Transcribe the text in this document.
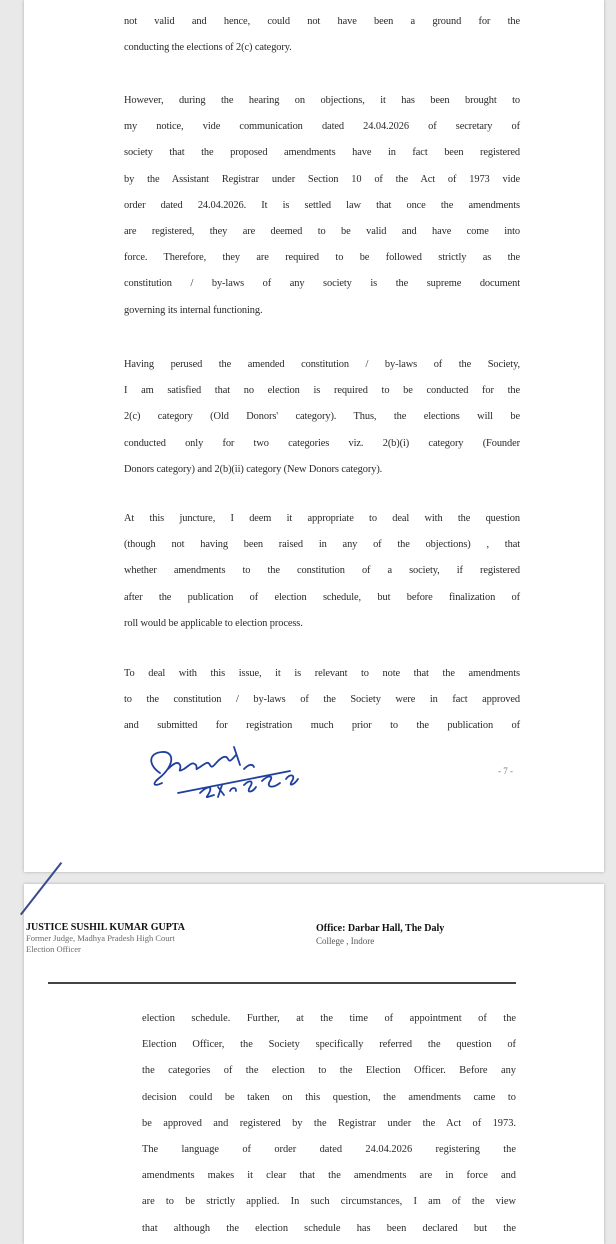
not valid and hence, could not have been a ground for the
conducting the elections of 2(c) category.
However, during the hearing on objections, it has been brought to
my notice, vide communication dated 24.04.2026 of secretary of
society that the proposed amendments have in fact been registered
by the Assistant Registrar under Section 10 of the Act of 1973 vide
order dated 24.04.2026. It is settled law that once the amendments
are registered, they are deemed to be valid and have come into
force. Therefore, they are required to be followed strictly as the
constitution / by-laws of any society is the supreme document
governing its internal functioning.
Having perused the amended constitution / by-laws of the Society,
I am satisfied that no election is required to be conducted for the
2(c) category (Old Donors' category). Thus, the elections will be
conducted only for two categories viz. 2(b)(i) category (Founder
Donors category) and 2(b)(ii) category (New Donors category).
At this juncture, I deem it appropriate to deal with the question
(though not having been raised in any of the objections) , that
whether amendments to the constitution of a society, if registered
after the publication of election schedule, but before finalization of
roll would be applicable to election process.
To deal with this issue, it is relevant to note that the amendments
to the constitution / by-laws of the Society were in fact approved
and submitted for registration much prior to the publication of
- 7 -
JUSTICE SUSHIL KUMAR GUPTA
Former Judge, Madhya Pradesh High Court
Election Officer
Office: Darbar Hall, The Daly
College , Indore
election schedule. Further, at the time of appointment of the
Election Officer, the Society specifically referred the question of
the categories of the election to the Election Officer. Before any
decision could be taken on this question, the amendments came to
be approved and registered by the Registrar under the Act of 1973.
The language of order dated 24.04.2026 registering the
amendments makes it clear that the amendments are in force and
are to be strictly applied. In such circumstances, I am of the view
that although the election schedule has been declared but the
